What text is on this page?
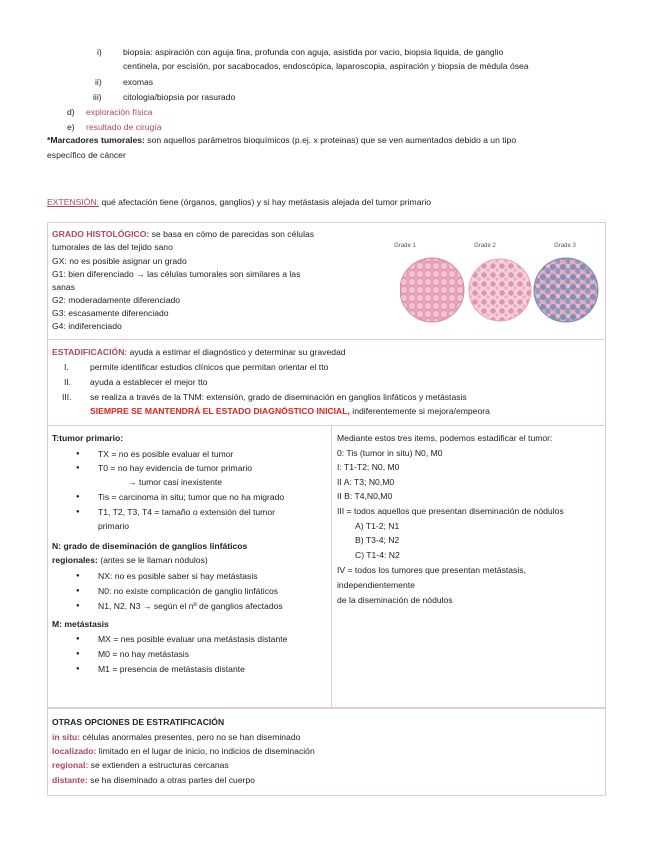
i) biopsia: aspiración con aguja fina, profunda con aguja, asistida por vacio, biopsia liquida, de ganglio
centinela, por escisión, por sacabocados, endoscópica, laparoscopia, aspiración y biopsia de médula ósea
ii) exomas
iii) citologia/biopsia por rasurado
d) exploración física
e) resultado de cirugía
*Marcadores tumorales: son aquellos parámetros bioquímicos (p.ej. x proteinas) que se ven aumentados debido a un tipo
específico de cáncer
EXTENSIÓN: qué afectación tiene (órganos, ganglios) y si hay metástasis alejada del tumor primario
GRADO HISTOLÓGICO: se basa en cómo de parecidas son células
tumorales de las del tejido sano
GX: no es posible asignar un grado
G1: bien diferenciado → las células tumorales son similares a las
sanas
G2: moderadamente diferenciado
G3: escasamente diferenciado
G4: indiferenciado
Grade 1	Grade 2	Grade 3
ESTADIFICACIÓN: ayuda a estimar el diagnóstico y determinar su gravedad
I. permite identificar estudios clínicos que permitan orientar el tto
II. ayuda a establecer el mejor tto
III. se realiza a través de la TNM: extensión, grado de diseminación en ganglios linfáticos y metástasis
SIEMPRE SE MANTENDRÁ EL ESTADO DIAGNÓSTICO INICIAL, indiferentemente si mejora/empeora
T:tumor primario:
● TX = no es posible evaluar el tumor
● T0 = no hay evidencia de tumor primario
→ tumor casi inexistente
● Tis = carcinoma in situ; tumor que no ha migrado
● T1, T2, T3, T4 = tamaño o extensión del tumor
primario
N: grado de diseminación de ganglios linfáticos
regionales: (antes se le llaman nódulos)
● NX: no es posible saber si hay metástasis
● N0: no existe complicación de ganglio linfáticos
● N1, N2, N3 → según el nº de ganglios afectados
M: metástasis
● MX = nes posible evaluar una metástasis distante
● M0 = no hay metástasis
● M1 = presencia de metástasis distante
Mediante estos tres items, podemos estadificar el tumor:
0: Tis (tumor in situ) N0, M0
I: T1-T2; N0, M0
II A: T3; N0,M0
II B: T4,N0,M0
III = todos aquellos que presentan diseminación de nódulos
A) T1-2; N1
B) T3-4; N2
C) T1-4: N2
IV = todos los tumores que presentan metástasis,
independientemente
de la diseminación de nódulos
OTRAS OPCIONES DE ESTRATIFICACIÓN
in situ: células anormales presentes, pero no se han diseminado
localizado: limitado en el lugar de inicio, no indicios de diseminación
regional: se extienden a estructuras cercanas
distante: se ha diseminado a otras partes del cuerpo
